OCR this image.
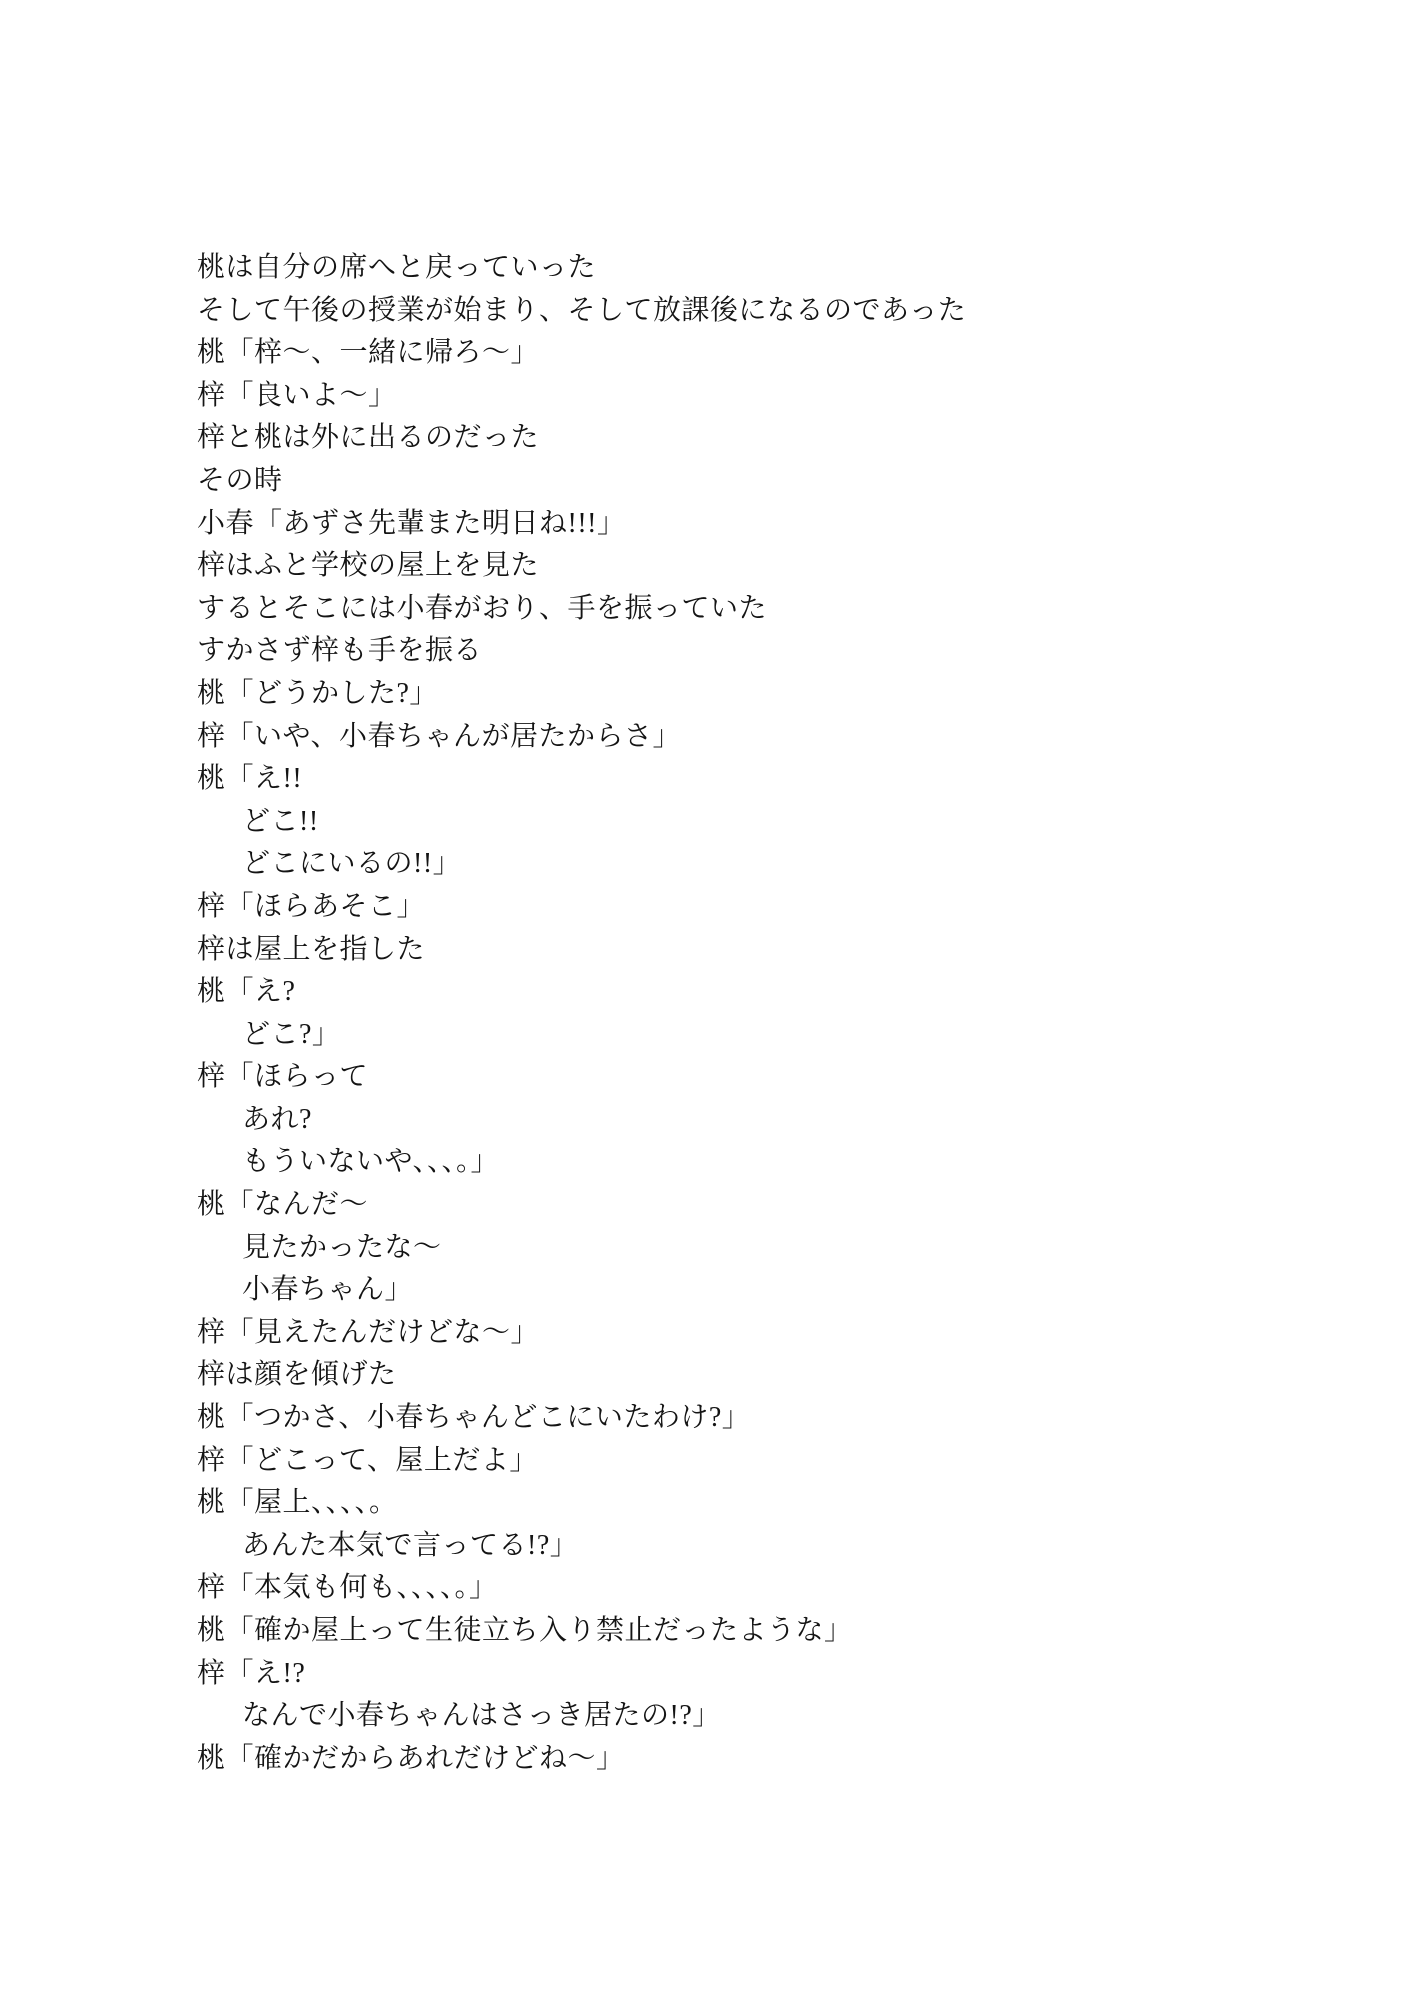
桃は自分の席へと戻っていった
そして午後の授業が始まり、そして放課後になるのであった
桃「梓〜、一緒に帰ろ〜」
梓「良いよ〜」
梓と桃は外に出るのだった
その時
小春「あずさ先輩また明日ね!!!」
梓はふと学校の屋上を見た
するとそこには小春がおり、手を振っていた
すかさず梓も手を振る
桃「どうかした?」
梓「いや、小春ちゃんが居たからさ」
桃「え!!
どこ!!
どこにいるの!!」
梓「ほらあそこ」
梓は屋上を指した
桃「え?
どこ?」
梓「ほらって
あれ?
もういないや、、、。」
桃「なんだ〜
見たかったな〜
小春ちゃん」
梓「見えたんだけどな〜」
梓は顔を傾げた
桃「つかさ、小春ちゃんどこにいたわけ?」
梓「どこって、屋上だよ」
桃「屋上、、、、。
あんた本気で言ってる!?」
梓「本気も何も、、、、。」
桃「確か屋上って生徒立ち入り禁止だったような」
梓「え!?
なんで小春ちゃんはさっき居たの!?」
桃「確かだからあれだけどね〜」
